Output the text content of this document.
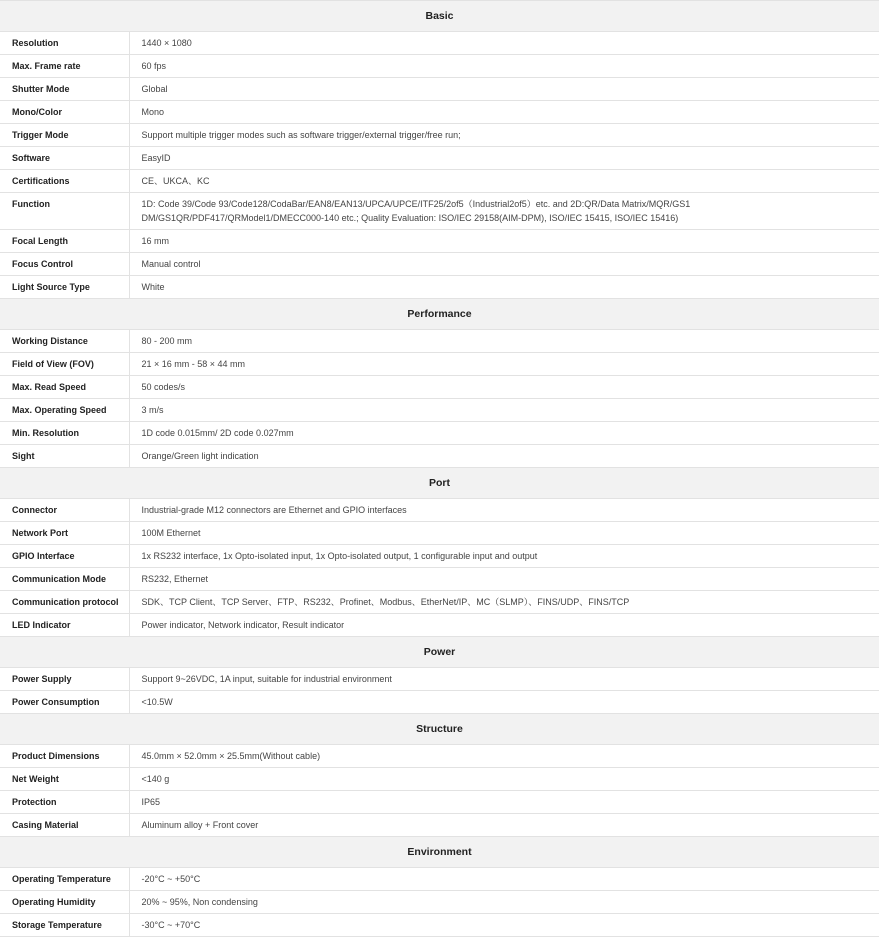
Basic	
Resolution	1440 × 1080
Max. Frame rate	60 fps
Shutter Mode	Global
Mono/Color	Mono
Trigger Mode	Support multiple trigger modes such as software trigger/external trigger/free run;
Software	EasyID
Certifications	CE、UKCA、KC
Function	1D: Code 39/Code 93/Code128/CodaBar/EAN8/EAN13/UPCA/UPCE/ITF25/2of5（Industrial2of5）etc. and 2D:QR/Data Matrix/MQR/GS1 DM/GS1QR/PDF417/QRModel1/DMECC000-140 etc.; Quality Evaluation: ISO/IEC 29158(AIM-DPM), ISO/IEC 15415, ISO/IEC 15416)
Focal Length	16 mm
Focus Control	Manual control
Light Source Type	White
Performance	
Working Distance	80 - 200 mm
Field of View (FOV)	21 × 16 mm - 58 × 44 mm
Max. Read Speed	50 codes/s
Max. Operating Speed	3 m/s
Min. Resolution	1D code 0.015mm/ 2D code 0.027mm
Sight	Orange/Green light indication
Port	
Connector	Industrial-grade M12 connectors are Ethernet and GPIO interfaces
Network Port	100M Ethernet
GPIO Interface	1x RS232 interface, 1x Opto-isolated input, 1x Opto-isolated output, 1 configurable input and output
Communication Mode	RS232, Ethernet
Communication protocol	SDK、TCP Client、TCP Server、FTP、RS232、Profinet、Modbus、EtherNet/IP、MC（SLMP）、FINS/UDP、FINS/TCP
LED Indicator	Power indicator, Network indicator, Result indicator
Power	
Power Supply	Support 9~26VDC, 1A input, suitable for industrial environment
Power Consumption	<10.5W
Structure	
Product Dimensions	45.0mm × 52.0mm × 25.5mm(Without cable)
Net Weight	<140 g
Protection	IP65
Casing Material	Aluminum alloy + Front cover
Environment	
Operating Temperature	-20°C ~ +50°C
Operating Humidity	20% ~ 95%, Non condensing
Storage Temperature	-30°C ~ +70°C
